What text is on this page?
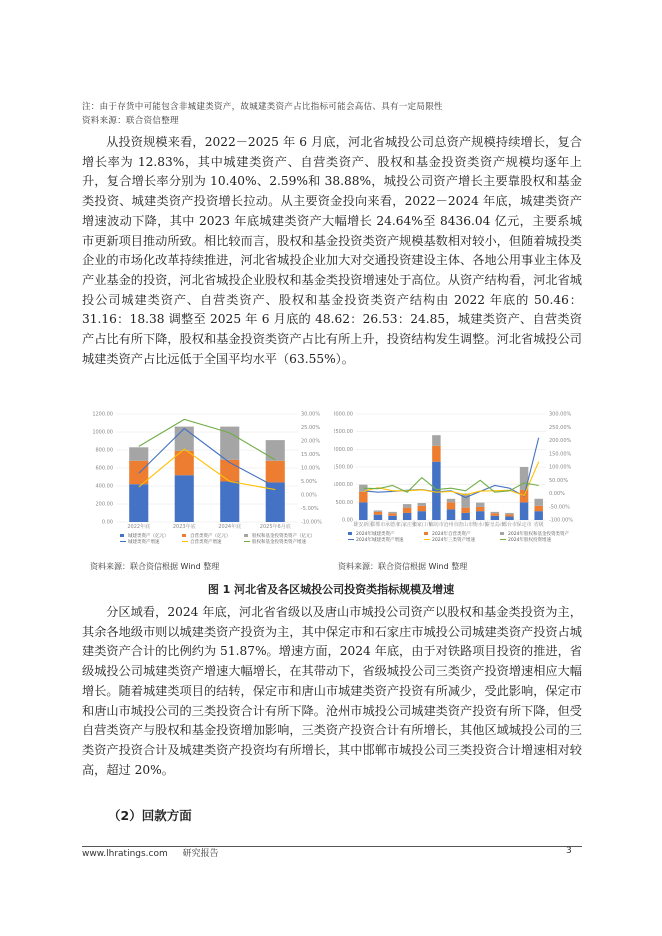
注：由于存货中可能包含非城建类资产，故城建类资产占比指标可能会高估、具有一定局限性
资料来源：联合资信整理
从投资规模来看，2022－2025 年 6 月底，河北省城投公司总资产规模持续增长，复合增长率为 12.83%，其中城建类资产、自营类资产、股权和基金投资类资产规模均逐年上升，复合增长率分别为 10.40%、2.59%和 38.88%，城投公司资产增长主要靠股权和基金类投资、城建类资产投资增长拉动。从主要资金投向来看，2022－2024 年底，城建类资产增速波动下降，其中 2023 年底城建类资产大幅增长 24.64%至 8436.04 亿元，主要系城市更新项目推动所致。相比较而言，股权和基金投资类资产规模基数相对较小，但随着城投类企业的市场化改革持续推进，河北省城投企业加大对交通投资建设主体、各地公用事业主体及产业基金的投资，河北省城投企业股权和基金类投资增速处于高位。从资产结构看，河北省城投公司城建类资产、自营类资产、股权和基金投资类资产结构由 2022 年底的 50.46：31.16：18.38 调整至 2025 年 6 月底的 48.62：26.53：24.85，城建类资产、自营类资产占比有所下降，股权和基金投资类资产占比有所上升，投资结构发生调整。河北省城投公司城建类资产占比远低于全国平均水平（63.55%）。
0.00
200.00
400.00
600.00
800.00
1000.00
1200.00
-10.00%
-5.00%
0.00%
5.00%
10.00%
15.00%
20.00%
25.00%
30.00%
2022年底	2023年底	2024年底	2025年6月底
城建类资产（亿元）	自营类资产（亿元）	股权和基金投资类资产（亿元）
城建类资产增速	自营类资产增速	股权和基金投资类资产增速
0.00
500.00
1000.00
1500.00
2000.00
2500.00
3000.00
-100.00%
-50.00%
0.00%
50.00%
100.00%
150.00%
200.00%
250.00%
300.00%
雄安新区
邯郸市 承德市
石家庄市
张家口市
廊坊市 沧州市 唐山市 衡水市
秦皇岛市
邢台市 保定市 省级
2024年城建类资产	2024年自营类资产	2024年股权和基金投资类资产
2024年城建类资产增速	2024年三类资产增速	2024年股权投资增速
资料来源：联合资信根据 Wind 整理	资料来源：联合资信根据 Wind 整理
图 1 河北省及各区城投公司投资类指标规模及增速
分区域看，2024 年底，河北省省级以及唐山市城投公司资产以股权和基金类投资为主，其余各地级市则以城建类资产投资为主，其中保定市和石家庄市城投公司城建类资产投资占城建类资产合计的比例约为 51.87%。增速方面，2024 年底，由于对铁路项目投资的推进，省级城投公司城建类资产增速大幅增长，在其带动下，省级城投公司三类资产投资增速相应大幅增长。随着城建类项目的结转，保定市和唐山市城建类资产投资有所减少，受此影响，保定市和唐山市城投公司的三类投资合计有所下降。沧州市城投公司城建类资产投资有所下降，但受自营类资产与股权和基金投资增加影响，三类资产投资合计有所增长，其他区域城投公司的三类资产投资合计及城建类资产投资均有所增长，其中邯郸市城投公司三类投资合计增速相对较高，超过 20%。
（2）回款方面
www.lhratings.com 研究报告	3
